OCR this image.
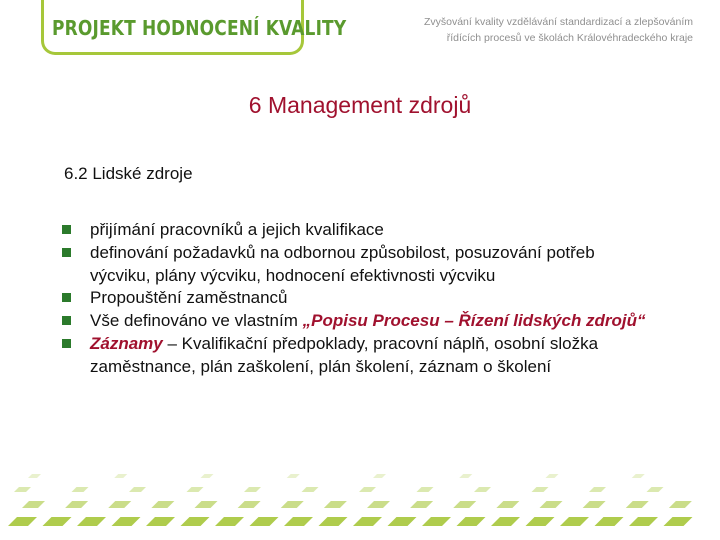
PROJEKT HODNOCENÍ KVALITY	Zvyšování kvality vzdělávání standardizací a zlepšováním
řídících procesů ve školách Královéhradeckého kraje
6 Management zdrojů
6.2 Lidské zdroje
přijímání pracovníků a jejich kvalifikace
definování požadavků na odbornou způsobilost, posuzování potřeb výcviku, plány výcviku, hodnocení efektivnosti výcviku
Propouštění zaměstnanců
Vše definováno ve vlastním „Popisu Procesu – Řízení lidských zdrojů“
Záznamy – Kvalifikační předpoklady, pracovní náplň, osobní složka zaměstnance, plán zaškolení, plán školení, záznam o školení
